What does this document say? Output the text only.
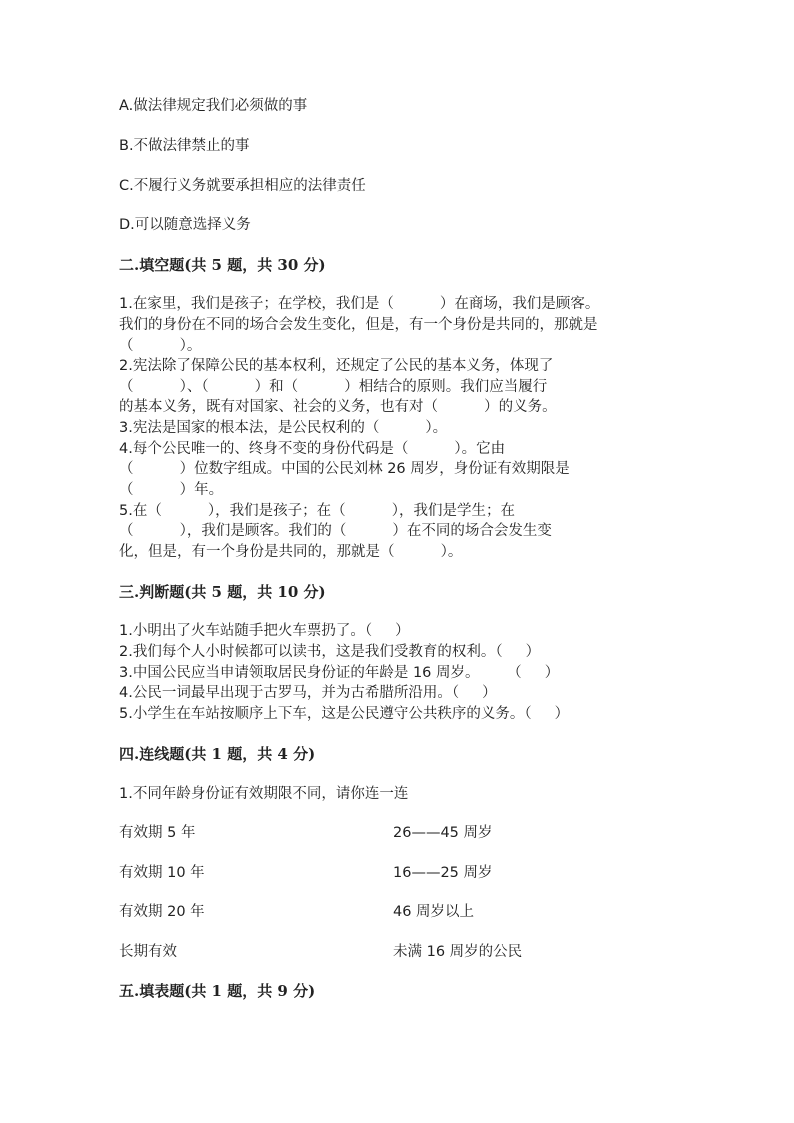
A.做法律规定我们必须做的事
B.不做法律禁止的事
C.不履行义务就要承担相应的法律责任
D.可以随意选择义务
二.填空题(共 5 题，共 30 分)
1.在家里，我们是孩子；在学校，我们是（          ）在商场，我们是顾客。
我们的身份在不同的场合会发生变化，但是，有一个身份是共同的，那就是
（          ）。
2.宪法除了保障公民的基本权利，还规定了公民的基本义务，体现了
（          ）、（          ）和（          ）相结合的原则。我们应当履行
的基本义务，既有对国家、社会的义务，也有对（          ）的义务。
3.宪法是国家的根本法，是公民权利的（          ）。
4.每个公民唯一的、终身不变的身份代码是（          ）。它由
（          ）位数字组成。中国的公民刘林 26 周岁，身份证有效期限是
（          ）年。
5.在（          ），我们是孩子；在（          ），我们是学生；在
（          ），我们是顾客。我们的（          ）在不同的场合会发生变
化，但是，有一个身份是共同的，那就是（          ）。
三.判断题(共 5 题，共 10 分)
1.小明出了火车站随手把火车票扔了。（     ）
2.我们每个人小时候都可以读书，这是我们受教育的权利。（     ）
3.中国公民应当申请领取居民身份证的年龄是 16 周岁。      （     ）
4.公民一词最早出现于古罗马，并为古希腊所沿用。（     ）
5.小学生在车站按顺序上下车，这是公民遵守公共秩序的义务。（     ）
四.连线题(共 1 题，共 4 分)
1.不同年龄身份证有效期限不同，请你连一连
有效期 5 年	26——45 周岁
有效期 10 年	16——25 周岁
有效期 20 年	46 周岁以上
长期有效	未满 16 周岁的公民
五.填表题(共 1 题，共 9 分)
